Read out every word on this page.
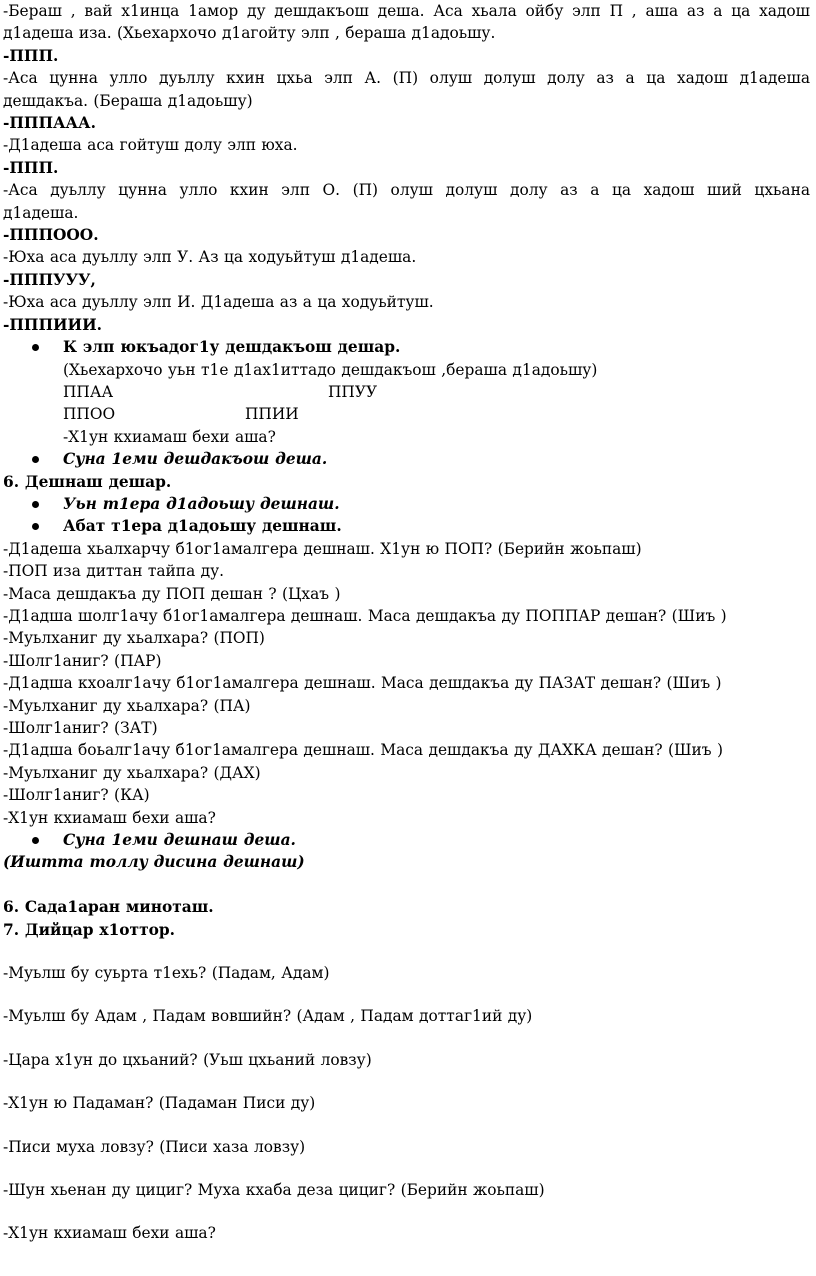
-Бераш , вай х1инца 1амор ду дешдакъош деша. Аса хьала ойбу элп П , аша аз а ца хадош

д1адеша иза. (Хьехархочо д1агойту элп , бераша д1адоьшу.

-ППП.

-Аса цунна улло дуьллу кхин цхьа элп А. (П) олуш долуш долу аз а ца хадош д1адеша

дешдакъа. (Бераша д1адоьшу)

-ППП​ААА.

-Д1адеша аса гойтуш долу элп юха.

-ППП.

-Аса дуьллу цунна улло кхин элп О. (П) олуш долуш долу аз а ца хадош ший цхьана

д1адеша.

-ППП​ООО.

-Юха аса дуьллу элп У. Аз ца ходуьйтуш д1адеша.

-ППП​УУУ,

-Юха аса дуьллу элп И. Д1адеша аз а ца ходуьйтуш.

-ППП​ИИИ.

К элп юкъадог1у дешдакъош дешар.

(Хьехархочо уьн т1е д1ах1иттадо дешдакъош ,бераша д1адоьшу)

ППАА	ППУУ

ППОО	ППИИ

-Х1ун кхиамаш бехи аша?

Суна 1еми дешдакъош деша.

6. Дешнаш дешар.

Уьн т1ера д1адоьшу дешнаш.

Абат т1ера д1адоьшу дешнаш.

-Д1адеша хьалхарчу б1ог1амалгера дешнаш. Х1ун ю ПОП? (Берийн жоьпаш)

-ПОП иза диттан тайпа ду.

-Маса дешдакъа ду ПОП дешан ? (Цхаъ )

-Д1адша шолг1ачу б1ог1амалгера дешнаш. Маса дешдакъа ду ПОППАР дешан? (Шиъ )

-Муьлханиг ду хьалхара? (ПОП)

-Шолг1аниг? (ПАР)

-Д1адша кхоалг1ачу б1ог1амалгера дешнаш. Маса дешдакъа ду ПАЗАТ дешан? (Шиъ )

-Муьлханиг ду хьалхара? (ПА)

-Шолг1аниг? (ЗАТ)

-Д1адша боьалг1ачу б1ог1амалгера дешнаш. Маса дешдакъа ду ДАХКА дешан? (Шиъ )

-Муьлханиг ду хьалхара? (ДАХ)

-Шолг1аниг? (КА)

-Х1ун кхиамаш бехи аша?

Суна 1еми дешнаш деша.

(Иштта толлу дисина дешнаш)

6. Сада1аран миноташ.

7. Дийцар х1оттор.

-Муьлш бу суьрта т1ехь? (Падам, Адам)

-Муьлш бу Адам , Падам вовшийн? (Адам , Падам доттаг1ий ду)

-Цара х1ун до цхьаний? (Уьш цхьаний ловзу)

-Х1ун ю Падаман? (Падаман Писи ду)

-Писи муха ловзу? (Писи хаза ловзу)

-Шун хьенан ду цициг? Муха кхаба деза цициг? (Берийн жоьпаш)

-Х1ун кхиамаш бехи аша?
